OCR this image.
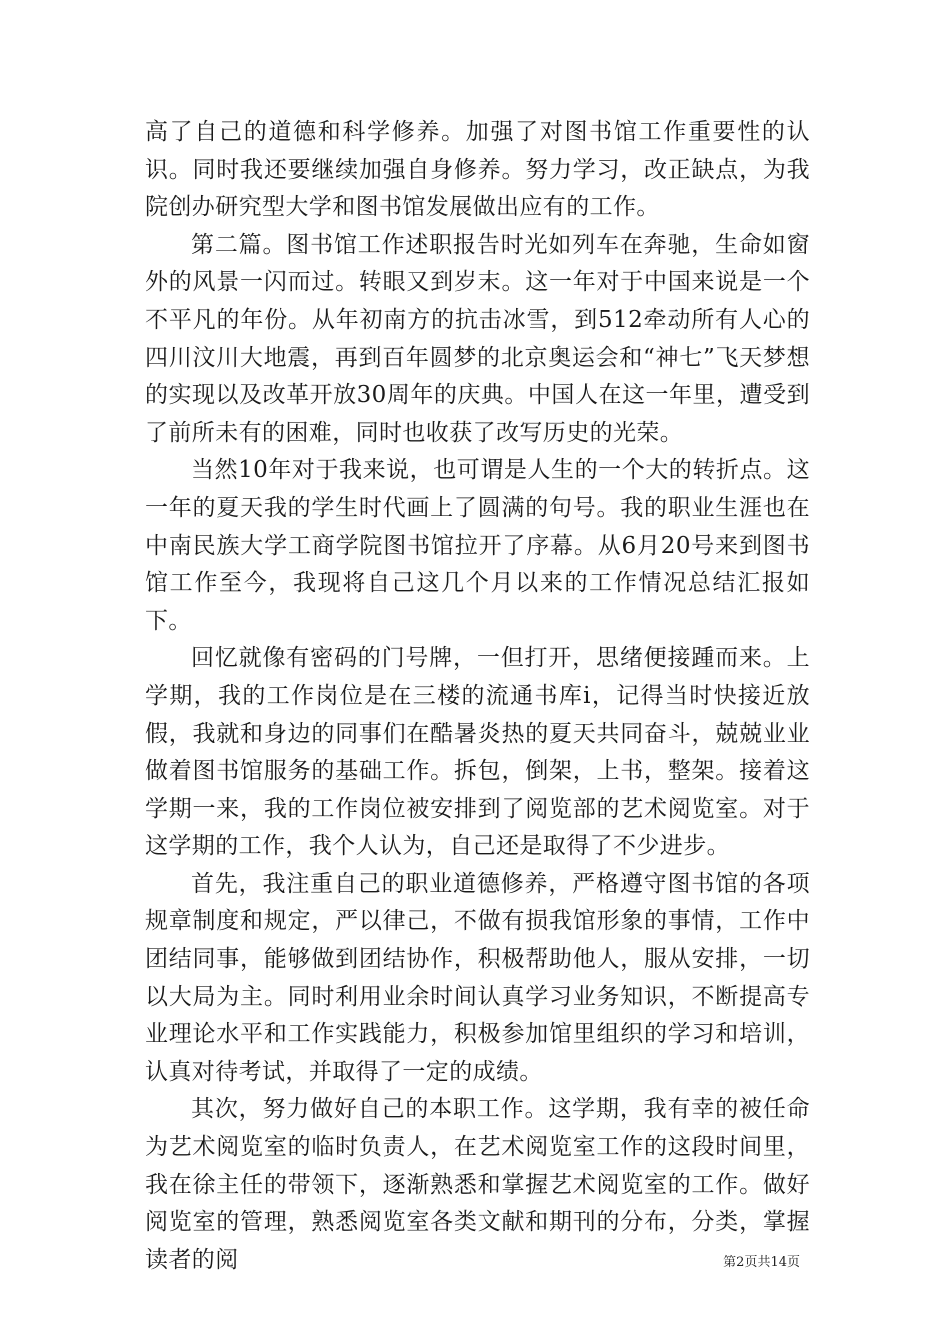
高了自己的道德和科学修养。加强了对图书馆工作重要性的认识。同时我还要继续加强自身修养。努力学习，改正缺点，为我院创办研究型大学和图书馆发展做出应有的工作。

第二篇。图书馆工作述职报告时光如列车在奔驰，生命如窗外的风景一闪而过。转眼又到岁末。这一年对于中国来说是一个不平凡的年份。从年初南方的抗击冰雪，到512牵动所有人心的四川汶川大地震，再到百年圆梦的北京奥运会和“神七”飞天梦想的实现以及改革开放30周年的庆典。中国人在这一年里，遭受到了前所未有的困难，同时也收获了改写历史的光荣。

当然10年对于我来说，也可谓是人生的一个大的转折点。这一年的夏天我的学生时代画上了圆满的句号。我的职业生涯也在中南民族大学工商学院图书馆拉开了序幕。从6月20号来到图书馆工作至今，我现将自己这几个月以来的工作情况总结汇报如下。

回忆就像有密码的门号牌，一但打开，思绪便接踵而来。上学期，我的工作岗位是在三楼的流通书库i，记得当时快接近放假，我就和身边的同事们在酷暑炎热的夏天共同奋斗，兢兢业业做着图书馆服务的基础工作。拆包，倒架，上书，整架。接着这学期一来，我的工作岗位被安排到了阅览部的艺术阅览室。对于这学期的工作，我个人认为，自己还是取得了不少进步。

首先，我注重自己的职业道德修养，严格遵守图书馆的各项规章制度和规定，严以律己，不做有损我馆形象的事情，工作中团结同事，能够做到团结协作，积极帮助他人，服从安排，一切以大局为主。同时利用业余时间认真学习业务知识，不断提高专业理论水平和工作实践能力，积极参加馆里组织的学习和培训，认真对待考试，并取得了一定的成绩。

其次，努力做好自己的本职工作。这学期，我有幸的被任命为艺术阅览室的临时负责人，在艺术阅览室工作的这段时间里，我在徐主任的带领下，逐渐熟悉和掌握艺术阅览室的工作。做好阅览室的管理，熟悉阅览室各类文献和期刊的分布，分类，掌握读者的阅	第2页共14页
